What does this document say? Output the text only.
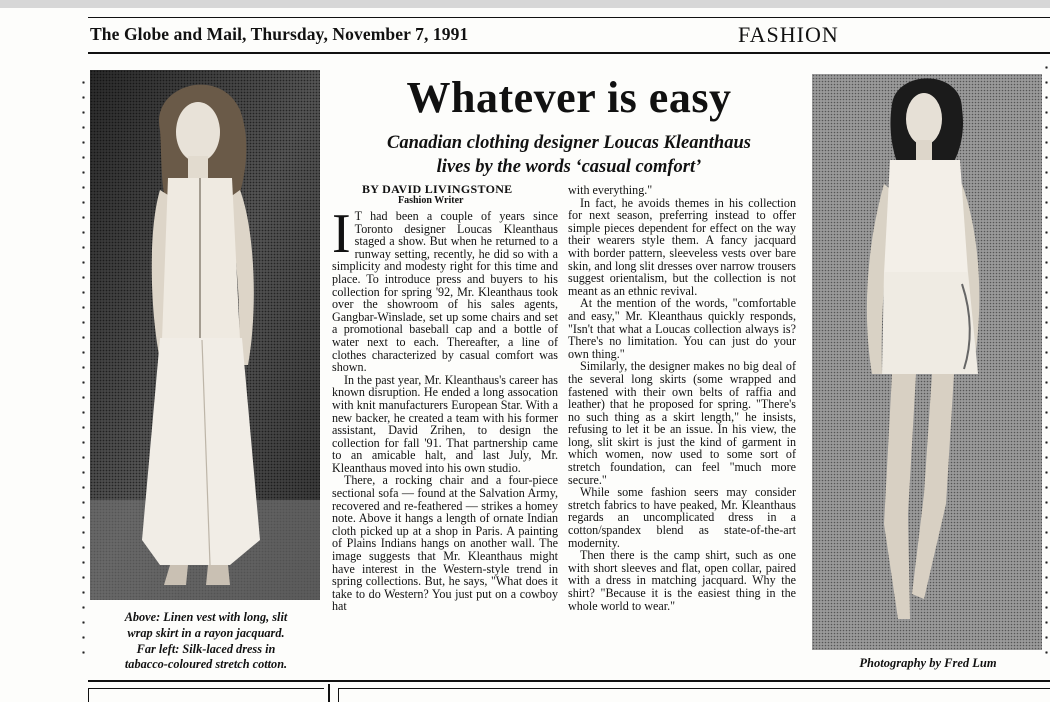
The Globe and Mail, Thursday, November 7, 1991	FASHION
Above: Linen vest with long, slit
wrap skirt in a rayon jacquard.
Far left: Silk-laced dress in
tabacco-coloured stretch cotton.
Whatever is easy
Canadian clothing designer Loucas Kleanthaus
lives by the words ‘casual comfort’
BY DAVID LIVINGSTONE
Fashion Writer

I T had been a couple of years since Toronto designer Loucas Kleanthaus staged a show. But when he returned to a runway setting, recently, he did so with a simplicity and modesty right for this time and place. To introduce press and buyers to his collection for spring '92, Mr. Kleanthaus took over the showroom of his sales agents, Gangbar-Winslade, set up some chairs and set a promotional baseball cap and a bottle of water next to each. Thereafter, a line of clothes characterized by casual comfort was shown.

In the past year, Mr. Kleanthaus's career has known disruption. He ended a long assocation with knit manufacturers European Star. With a new backer, he created a team with his former assistant, David Zrihen, to design the collection for fall '91. That partnership came to an amicable halt, and last July, Mr. Kleanthaus moved into his own studio.

There, a rocking chair and a four-piece sectional sofa — found at the Salvation Army, recovered and re-feathered — strikes a homey note. Above it hangs a length of ornate Indian cloth picked up at a shop in Paris. A painting of Plains Indians hangs on another wall. The image suggests that Mr. Kleanthaus might have interest in the Western-style trend in spring collections. But, he says, "What does it take to do Western? You just put on a cowboy hat

with everything."

In fact, he avoids themes in his collection for next season, preferring instead to offer simple pieces dependent for effect on the way their wearers style them. A fancy jacquard with border pattern, sleeveless vests over bare skin, and long slit dresses over narrow trousers suggest orientalism, but the collection is not meant as an ethnic revival.

At the mention of the words, "comfortable and easy," Mr. Kleanthaus quickly responds, "Isn't that what a Loucas collection always is? There's no limitation. You can just do your own thing."

Similarly, the designer makes no big deal of the several long skirts (some wrapped and fastened with their own belts of raffia and leather) that he proposed for spring. "There's no such thing as a skirt length," he insists, refusing to let it be an issue. In his view, the long, slit skirt is just the kind of garment in which women, now used to some sort of stretch foundation, can feel "much more secure."

While some fashion seers may consider stretch fabrics to have peaked, Mr. Kleanthaus regards an uncomplicated dress in a cotton/spandex blend as state-of-the-art modernity.

Then there is the camp shirt, such as one with short sleeves and flat, open collar, paired with a dress in matching jacquard. Why the shirt? "Because it is the easiest thing in the whole world to wear."

Photography by Fred Lum
